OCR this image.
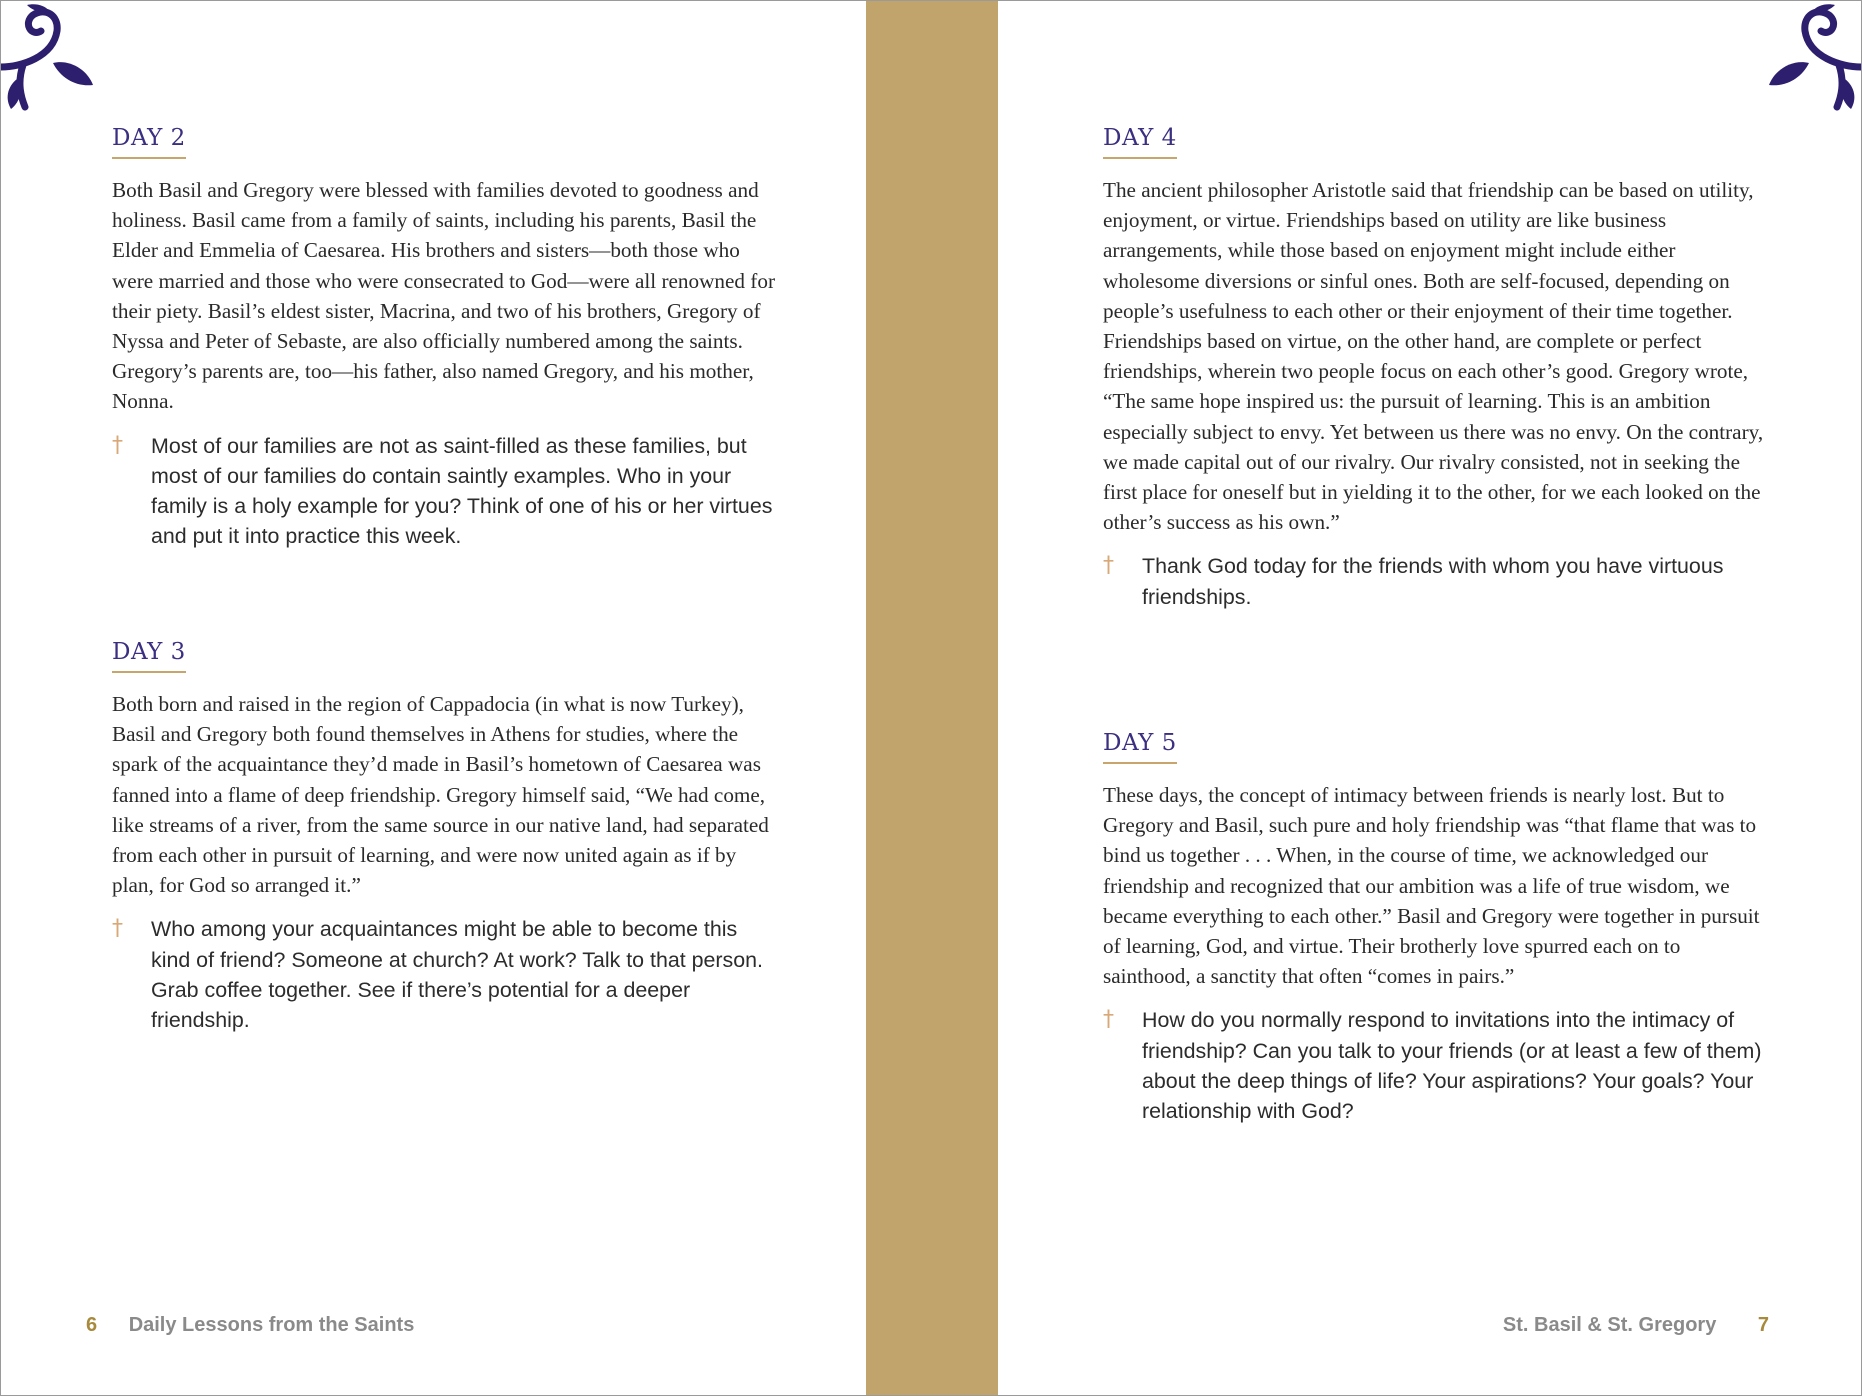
DAY 2

Both Basil and Gregory were blessed with families devoted to goodness and holiness. Basil came from a family of saints, including his parents, Basil the Elder and Emmelia of Caesarea. His brothers and sisters—both those who were married and those who were consecrated to God—were all renowned for their piety. Basil’s eldest sister, Macrina, and two of his brothers, Gregory of Nyssa and Peter of Sebaste, are also officially numbered among the saints. Gregory’s parents are, too—his father, also named Gregory, and his mother, Nonna.

† Most of our families are not as saint-filled as these families, but most of our families do contain saintly examples. Who in your family is a holy example for you? Think of one of his or her virtues and put it into practice this week.
DAY 3

Both born and raised in the region of Cappadocia (in what is now Turkey), Basil and Gregory both found themselves in Athens for studies, where the spark of the acquaintance they’d made in Basil’s hometown of Caesarea was fanned into a flame of deep friendship. Gregory himself said, “We had come, like streams of a river, from the same source in our native land, had separated from each other in pursuit of learning, and were now united again as if by plan, for God so arranged it.”

† Who among your acquaintances might be able to become this kind of friend? Someone at church? At work? Talk to that person. Grab coffee together. See if there’s potential for a deeper friendship.
6 Daily Lessons from the Saints
DAY 4

The ancient philosopher Aristotle said that friendship can be based on utility, enjoyment, or virtue. Friendships based on utility are like business arrangements, while those based on enjoyment might include either wholesome diversions or sinful ones. Both are self-focused, depending on people’s usefulness to each other or their enjoyment of their time together. Friendships based on virtue, on the other hand, are complete or perfect friendships, wherein two people focus on each other’s good. Gregory wrote, “The same hope inspired us: the pursuit of learning. This is an ambition especially subject to envy. Yet between us there was no envy. On the contrary, we made capital out of our rivalry. Our rivalry consisted, not in seeking the first place for oneself but in yielding it to the other, for we each looked on the other’s success as his own.”

† Thank God today for the friends with whom you have virtuous friendships.
DAY 5

These days, the concept of intimacy between friends is nearly lost. But to Gregory and Basil, such pure and holy friendship was “that flame that was to bind us together . . . When, in the course of time, we acknowledged our friendship and recognized that our ambition was a life of true wisdom, we became everything to each other.” Basil and Gregory were together in pursuit of learning, God, and virtue. Their brotherly love spurred each on to sainthood, a sanctity that often “comes in pairs.”

† How do you normally respond to invitations into the intimacy of friendship? Can you talk to your friends (or at least a few of them) about the deep things of life? Your aspirations? Your goals? Your relationship with God?
St. Basil & St. Gregory 7
